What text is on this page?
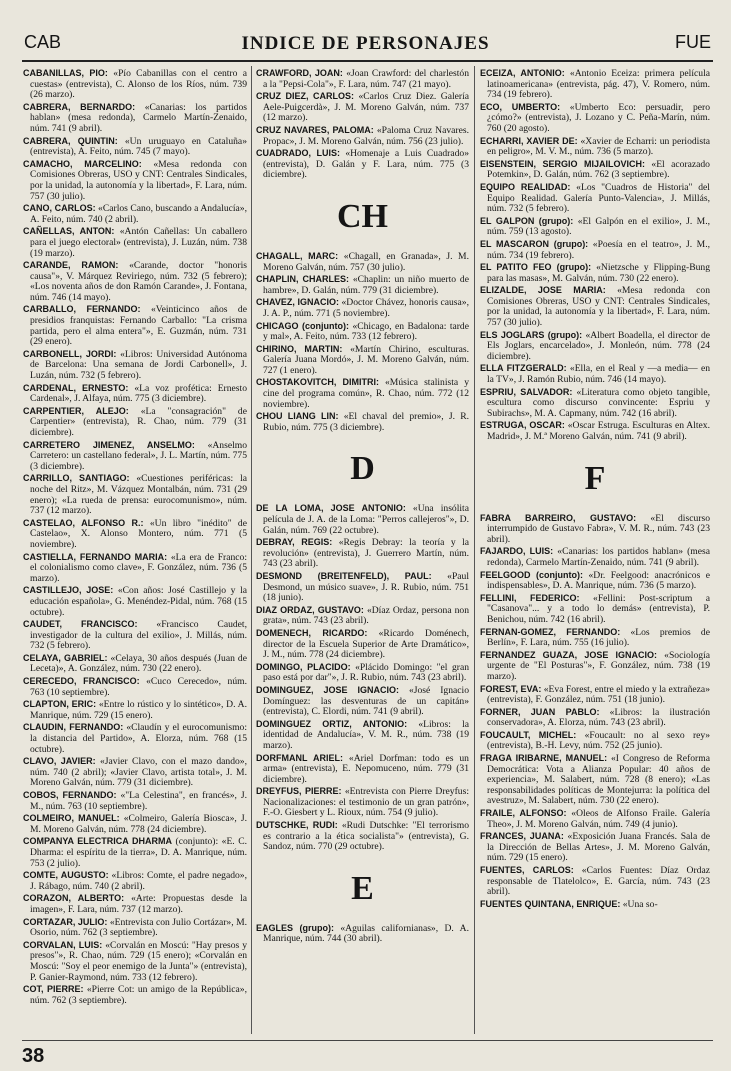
CAB	INDICE DE PERSONAJES	FUE
CABANILLAS, PIO: «Pío Cabanillas con el centro a cuestas» (entrevista), C. Alonso de los Ríos, núm. 739 (26 marzo).
CABRERA, BERNARDO: «Canarias: los partidos hablan» (mesa redonda), Carmelo Martín-Zenaido, núm. 741 (9 abril).
CABRERA, QUINTIN: «Un uruguayo en Cataluña» (entrevista), A. Feito, núm. 745 (7 mayo).
CAMACHO, MARCELINO: «Mesa redonda con Comisiones Obreras, USO y CNT: Centrales Sindicales, por la unidad, la autonomía y la libertad», F. Lara, núm. 757 (30 julio).
CANO, CARLOS: «Carlos Cano, buscando a Andalucía», A. Feito, núm. 740 (2 abril).
CAÑELLAS, ANTON: «Antón Cañellas: Un caballero para el juego electoral» (entrevista), J. Luzán, núm. 738 (19 marzo).
CARANDE, RAMON: «Carande, doctor "honoris causa"», V. Márquez Reviriego, núm. 732 (5 febrero); «Los noventa años de don Ramón Carande», J. Fontana, núm. 746 (14 mayo).
CARBALLO, FERNANDO: «Veinticinco años de presidios franquistas: Fernando Carballo: "La crisma partida, pero el alma entera"», E. Guzmán, núm. 731 (29 enero).
CARBONELL, JORDI: «Libros: Universidad Autónoma de Barcelona: Una semana de Jordi Carbonell», J. Luzán, núm. 732 (5 febrero).
CARDENAL, ERNESTO: «La voz profética: Ernesto Cardenal», J. Alfaya, núm. 775 (3 diciembre).
CARPENTIER, ALEJO: «La "consagración" de Carpentier» (entrevista), R. Chao, núm. 779 (31 diciembre).
CARRETERO JIMENEZ, ANSELMO: «Anselmo Carretero: un castellano federal», J. L. Martín, núm. 775 (3 diciembre).
CARRILLO, SANTIAGO: «Cuestiones periféricas: la noche del Ritz», M. Vázquez Montalbán, núm. 731 (29 enero); «La rueda de prensa: eurocomunismo», núm. 737 (12 marzo).
CASTELAO, ALFONSO R.: «Un libro "inédito" de Castelao», X. Alonso Montero, núm. 771 (5 noviembre).
CASTIELLA, FERNANDO MARIA: «La era de Franco: el colonialismo como clave», F. González, núm. 736 (5 marzo).
CASTILLEJO, JOSE: «Con años: José Castillejo y la educación española», G. Menéndez-Pidal, núm. 768 (15 octubre).
CAUDET, FRANCISCO: «Francisco Caudet, investigador de la cultura del exilio», J. Millás, núm. 732 (5 febrero).
CELAYA, GABRIEL: «Celaya, 30 años después (Juan de Leceta)», A. González, núm. 730 (22 enero).
CERECEDO, FRANCISCO: «Cuco Cerecedo», núm. 763 (10 septiembre).
CLAPTON, ERIC: «Entre lo rústico y lo sintético», D. A. Manrique, núm. 729 (15 enero).
CLAUDIN, FERNANDO: «Claudín y el eurocomunismo: la distancia del Partido», A. Elorza, núm. 768 (15 octubre).
CLAVO, JAVIER: «Javier Clavo, con el mazo dando», núm. 740 (2 abril); «Javier Clavo, artista total», J. M. Moreno Galván, núm. 779 (31 diciembre).
COBOS, FERNANDO: «"La Celestina", en francés», J. M., núm. 763 (10 septiembre).
COLMEIRO, MANUEL: «Colmeiro, Galería Biosca», J. M. Moreno Galván, núm. 778 (24 diciembre).
COMPANYA ELECTRICA DHARMA (conjunto): «E. C. Dharma: el espíritu de la tierra», D. A. Manrique, núm. 753 (2 julio).
COMTE, AUGUSTO: «Libros: Comte, el padre negado», J. Rábago, núm. 740 (2 abril).
CORAZON, ALBERTO: «Arte: Propuestas desde la imagen», F. Lara, núm. 737 (12 marzo).
CORTAZAR, JULIO: «Entrevista con Julio Cortázar», M. Osorio, núm. 762 (3 septiembre).
CORVALAN, LUIS: «Corvalán en Moscú: "Hay presos y presos"», R. Chao, núm. 729 (15 enero); «Corvalán en Moscú: "Soy el peor enemigo de la Junta"» (entrevista), P. Ganier-Raymond, núm. 733 (12 febrero).
COT, PIERRE: «Pierre Cot: un amigo de la República», núm. 762 (3 septiembre).
CRAWFORD, JOAN: «Joan Crawford: del charlestón a la "Pepsi-Cola"», F. Lara, núm. 747 (21 mayo).
CRUZ DIEZ, CARLOS: «Carlos Cruz Diez. Galería Aele-Puigcerdà», J. M. Moreno Galván, núm. 737 (12 marzo).
CRUZ NAVARES, PALOMA: «Paloma Cruz Navares. Propac», J. M. Moreno Galván, núm. 756 (23 julio).
CUADRADO, LUIS: «Homenaje a Luis Cuadrado» (entrevista), D. Galán y F. Lara, núm. 775 (3 diciembre).
CH
CHAGALL, MARC: «Chagall, en Granada», J. M. Moreno Galván, núm. 757 (30 julio).
CHAPLIN, CHARLES: «Chaplin: un niño muerto de hambre», D. Galán, núm. 779 (31 diciembre).
CHAVEZ, IGNACIO: «Doctor Chávez, honoris causa», J. A. P., núm. 771 (5 noviembre).
CHICAGO (conjunto): «Chicago, en Badalona: tarde y mal», A. Feito, núm. 733 (12 febrero).
CHIRINO, MARTIN: «Martín Chirino, esculturas. Galería Juana Mordó», J. M. Moreno Galván, núm. 727 (1 enero).
CHOSTAKOVITCH, DIMITRI: «Música stalinista y cine del programa común», R. Chao, núm. 772 (12 noviembre).
CHOU LIANG LIN: «El chaval del premio», J. R. Rubio, núm. 775 (3 diciembre).
D
DE LA LOMA, JOSE ANTONIO: «Una insólita película de J. A. de la Loma: "Perros callejeros"», D. Galán, núm. 769 (22 octubre).
DEBRAY, REGIS: «Regis Debray: la teoría y la revolución» (entrevista), J. Guerrero Martín, núm. 743 (23 abril).
DESMOND (BREITENFELD), PAUL: «Paul Desmond, un músico suave», J. R. Rubio, núm. 751 (18 junio).
DIAZ ORDAZ, GUSTAVO: «Díaz Ordaz, persona non grata», núm. 743 (23 abril).
DOMENECH, RICARDO: «Ricardo Doménech, director de la Escuela Superior de Arte Dramático», J. M., núm. 778 (24 diciembre).
DOMINGO, PLACIDO: «Plácido Domingo: "el gran paso está por dar"», J. R. Rubio, núm. 743 (23 abril).
DOMINGUEZ, JOSE IGNACIO: «José Ignacio Domínguez: las desventuras de un capitán» (entrevista), C. Elordi, núm. 741 (9 abril).
DOMINGUEZ ORTIZ, ANTONIO: «Libros: la identidad de Andalucía», V. M. R., núm. 738 (19 marzo).
DORFMANL ARIEL: «Ariel Dorfman: todo es un arma» (entrevista), E. Nepomuceno, núm. 779 (31 diciembre).
DREYFUS, PIERRE: «Entrevista con Pierre Dreyfus: Nacionalizaciones: el testimonio de un gran patrón», F.-O. Giesbert y L. Rioux, núm. 754 (9 julio).
DUTSCHKE, RUDI: «Rudi Dutschke: "El terrorismo es contrario a la ética socialista"» (entrevista), G. Sandoz, núm. 770 (29 octubre).
E
EAGLES (grupo): «Aguilas californianas», D. A. Manrique, núm. 744 (30 abril).
ECEIZA, ANTONIO: «Antonio Eceiza: primera película latinoamericana» (entrevista, pág. 47), V. Romero, núm. 734 (19 febrero).
ECO, UMBERTO: «Umberto Eco: persuadir, pero ¿cómo?» (entrevista), J. Lozano y C. Peña-Marín, núm. 760 (20 agosto).
ECHARRI, XAVIER DE: «Xavier de Echarri: un periodista en peligro», M. V. M., núm. 736 (5 marzo).
EISENSTEIN, SERGIO MIJAILOVICH: «El acorazado Potemkin», D. Galán, núm. 762 (3 septiembre).
EQUIPO REALIDAD: «Los "Cuadros de Historia" del Equipo Realidad. Galería Punto-Valencia», J. Millás, núm. 732 (5 febrero).
EL GALPON (grupo): «El Galpón en el exilio», J. M., núm. 759 (13 agosto).
EL MASCARON (grupo): «Poesía en el teatro», J. M., núm. 734 (19 febrero).
EL PATITO FEO (grupo): «Nietzsche y Flipping-Bung para las masas», M. Galván, núm. 730 (22 enero).
ELIZALDE, JOSE MARIA: «Mesa redonda con Comisiones Obreras, USO y CNT: Centrales Sindicales, por la unidad, la autonomía y la libertad», F. Lara, núm. 757 (30 julio).
ELS JOGLARS (grupo): «Albert Boadella, el director de Els Joglars, encarcelado», J. Monleón, núm. 778 (24 diciembre).
ELLA FITZGERALD: «Ella, en el Real y —a media— en la TV», J. Ramón Rubio, núm. 746 (14 mayo).
ESPRIU, SALVADOR: «Literatura como objeto tangible, escultura como discurso convincente: Espriu y Subirachs», M. A. Capmany, núm. 742 (16 abril).
ESTRUGA, OSCAR: «Oscar Estruga. Esculturas en Altex. Madrid», J. M.ª Moreno Galván, núm. 741 (9 abril).
F
FABRA BARREIRO, GUSTAVO: «El discurso interrumpido de Gustavo Fabra», V. M. R., núm. 743 (23 abril).
FAJARDO, LUIS: «Canarias: los partidos hablan» (mesa redonda), Carmelo Martín-Zenaido, núm. 741 (9 abril).
FEELGOOD (conjunto): «Dr. Feelgood: anacrónicos e indispensables», D. A. Manrique, núm. 736 (5 marzo).
FELLINI, FEDERICO: «Fellini: Post-scriptum a "Casanova"... y a todo lo demás» (entrevista), P. Benichou, núm. 742 (16 abril).
FERNAN-GOMEZ, FERNANDO: «Los premios de Berlín», F. Lara, núm. 755 (16 julio).
FERNANDEZ GUAZA, JOSE IGNACIO: «Sociología urgente de "El Posturas"», F. González, núm. 738 (19 marzo).
FOREST, EVA: «Eva Forest, entre el miedo y la extrañeza» (entrevista), F. González, núm. 751 (18 junio).
FORNER, JUAN PABLO: «Libros: la ilustración conservadora», A. Elorza, núm. 743 (23 abril).
FOUCAULT, MICHEL: «Foucault: no al sexo rey» (entrevista), B.-H. Levy, núm. 752 (25 junio).
FRAGA IRIBARNE, MANUEL: «I Congreso de Reforma Democrática: Vota a Alianza Popular: 40 años de experiencia», M. Salabert, núm. 728 (8 enero); «Las responsabilidades políticas de Montejurra: la política del avestruz», M. Salabert, núm. 730 (22 enero).
FRAILE, ALFONSO: «Oleos de Alfonso Fraile. Galería Theo», J. M. Moreno Galván, núm. 749 (4 junio).
FRANCES, JUANA: «Exposición Juana Francés. Sala de la Dirección de Bellas Artes», J. M. Moreno Galván, núm. 729 (15 enero).
FUENTES, CARLOS: «Carlos Fuentes: Díaz Ordaz responsable de Tlatelolco», E. García, núm. 743 (23 abril).
FUENTES QUINTANA, ENRIQUE: «Una so-
38
